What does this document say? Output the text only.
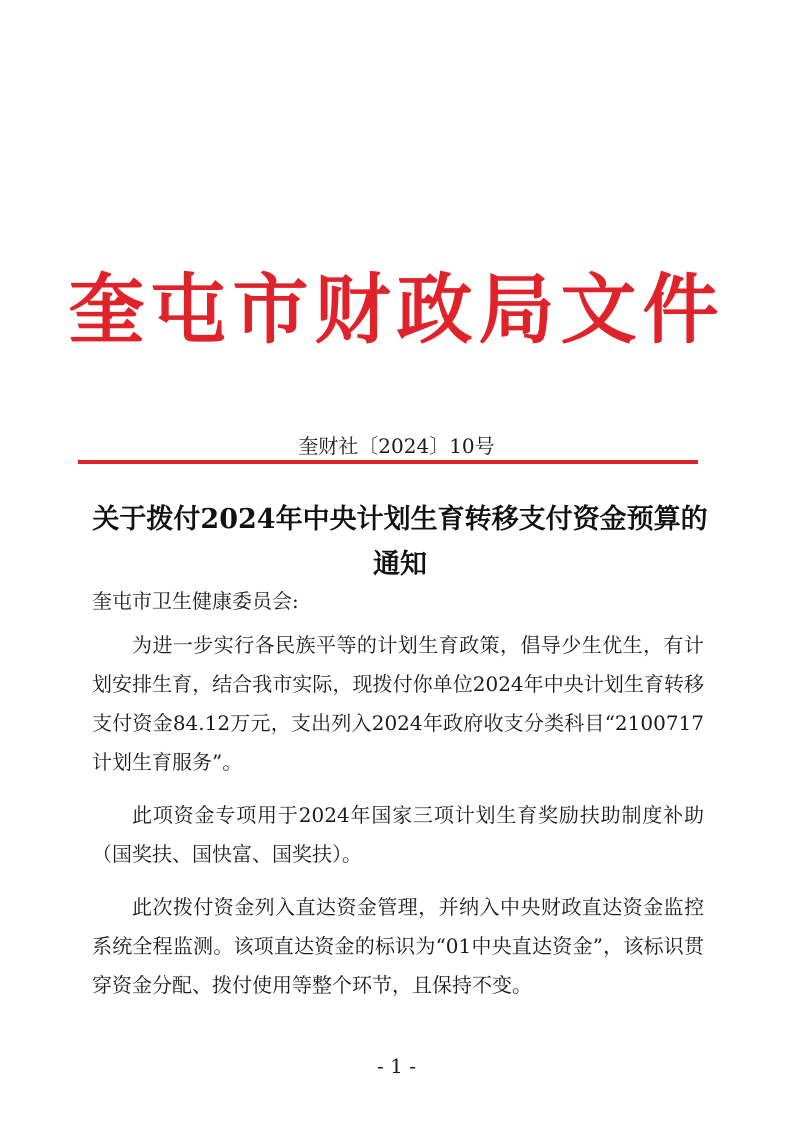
奎屯市财政局文件
奎财社〔2024〕10号
关于拨付2024年中央计划生育转移支付资金预算的通知
奎屯市卫生健康委员会:

为进一步实行各民族平等的计划生育政策，倡导少生优生，有计划安排生育，结合我市实际，现拨付你单位2024年中央计划生育转移支付资金84.12万元，支出列入2024年政府收支分类科目“2100717计划生育服务”。

此项资金专项用于2024年国家三项计划生育奖励扶助制度补助（国奖扶、国快富、国奖扶）。

此次拨付资金列入直达资金管理，并纳入中央财政直达资金监控系统全程监测。该项直达资金的标识为“01中央直达资金”，该标识贯穿资金分配、拨付使用等整个环节，且保持不变。

- 1 -
